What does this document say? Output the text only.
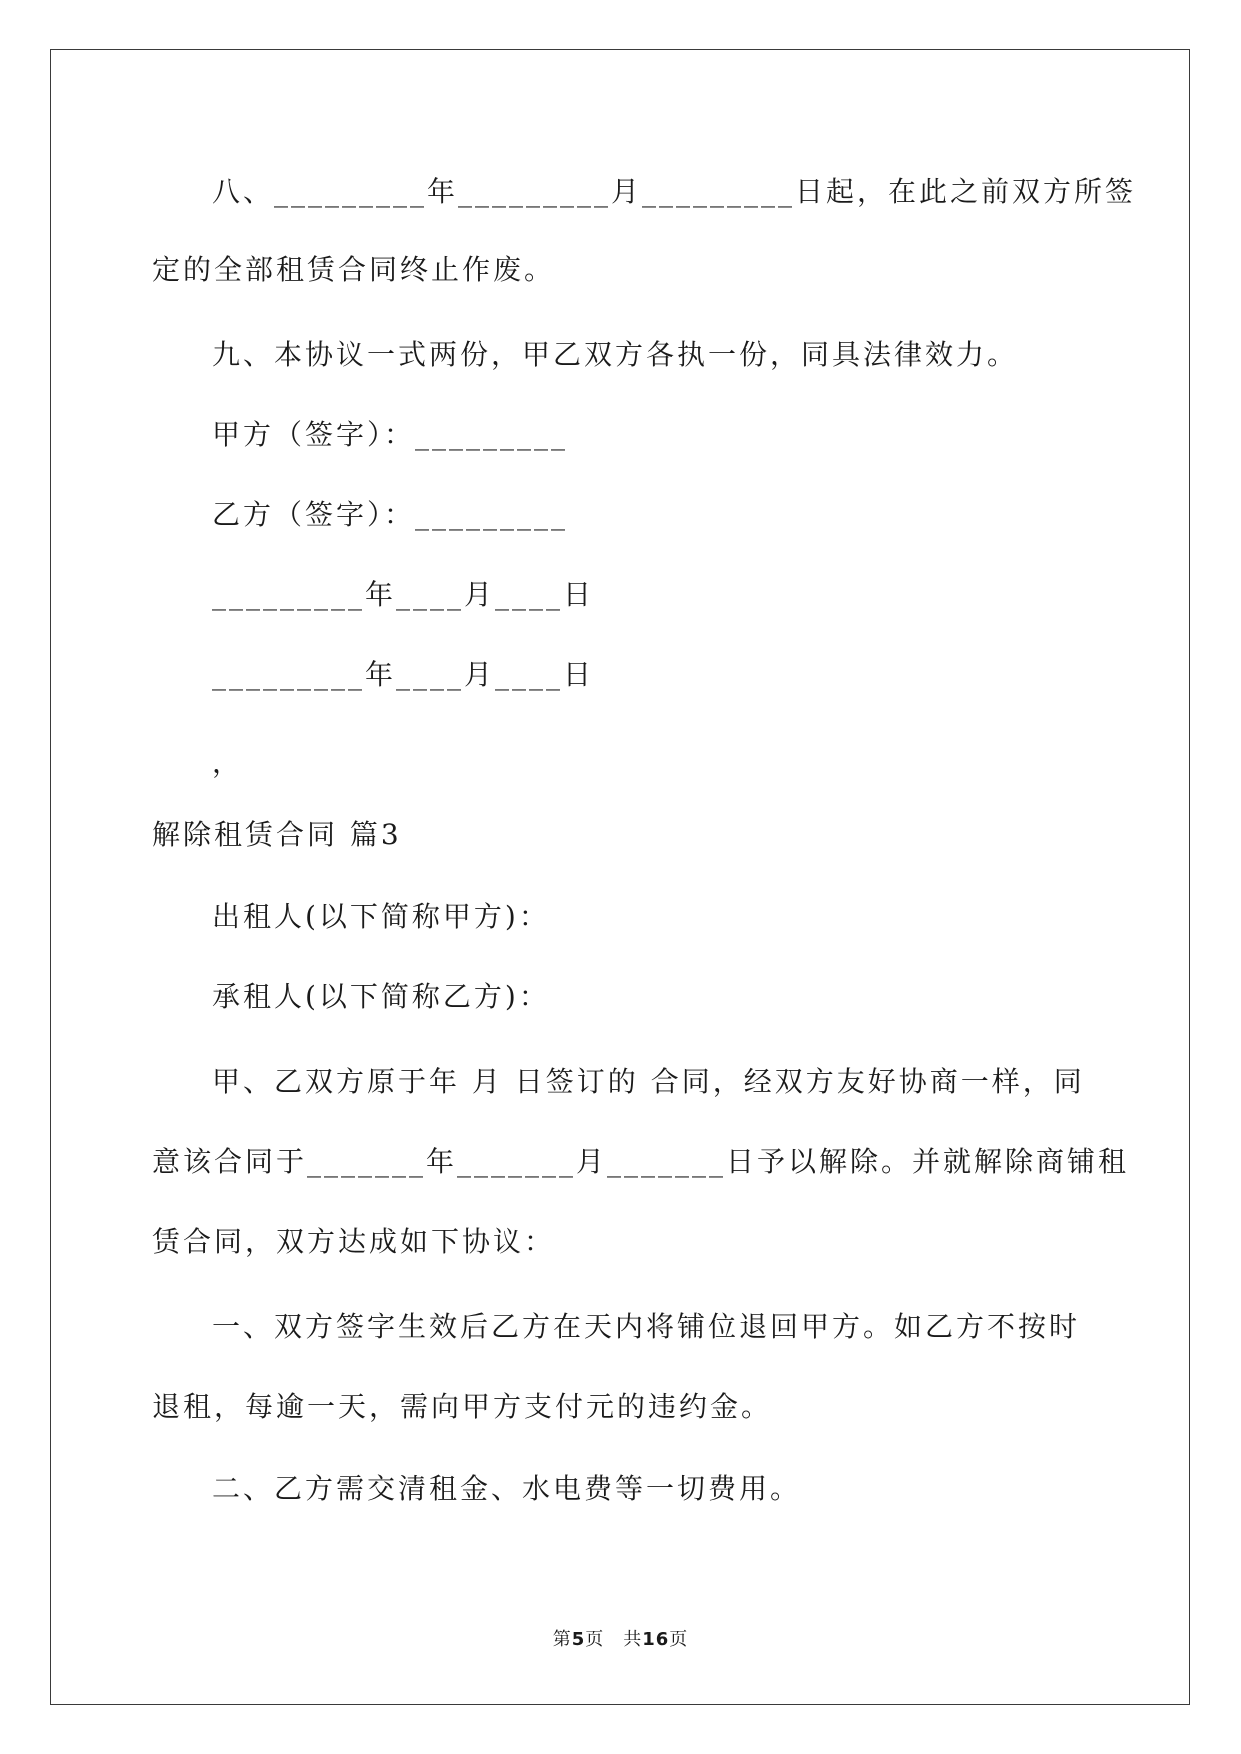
八、_________年_________月_________日起，在此之前双方所签
定的全部租赁合同终止作废。
九、本协议一式两份，甲乙双方各执一份，同具法律效力。
甲方（签字）：_________
乙方（签字）：_________
_________年____月____日
_________年____月____日
，
解除租赁合同 篇3
出租人(以下简称甲方)：
承租人(以下简称乙方)：
甲、乙双方原于年 月 日签订的 合同，经双方友好协商一样，同
意该合同于_______年_______月_______日予以解除。并就解除商铺租
赁合同，双方达成如下协议：
一、双方签字生效后乙方在天内将铺位退回甲方。如乙方不按时
退租，每逾一天，需向甲方支付元的违约金。
二、乙方需交清租金、水电费等一切费用。
第5页　共16页
